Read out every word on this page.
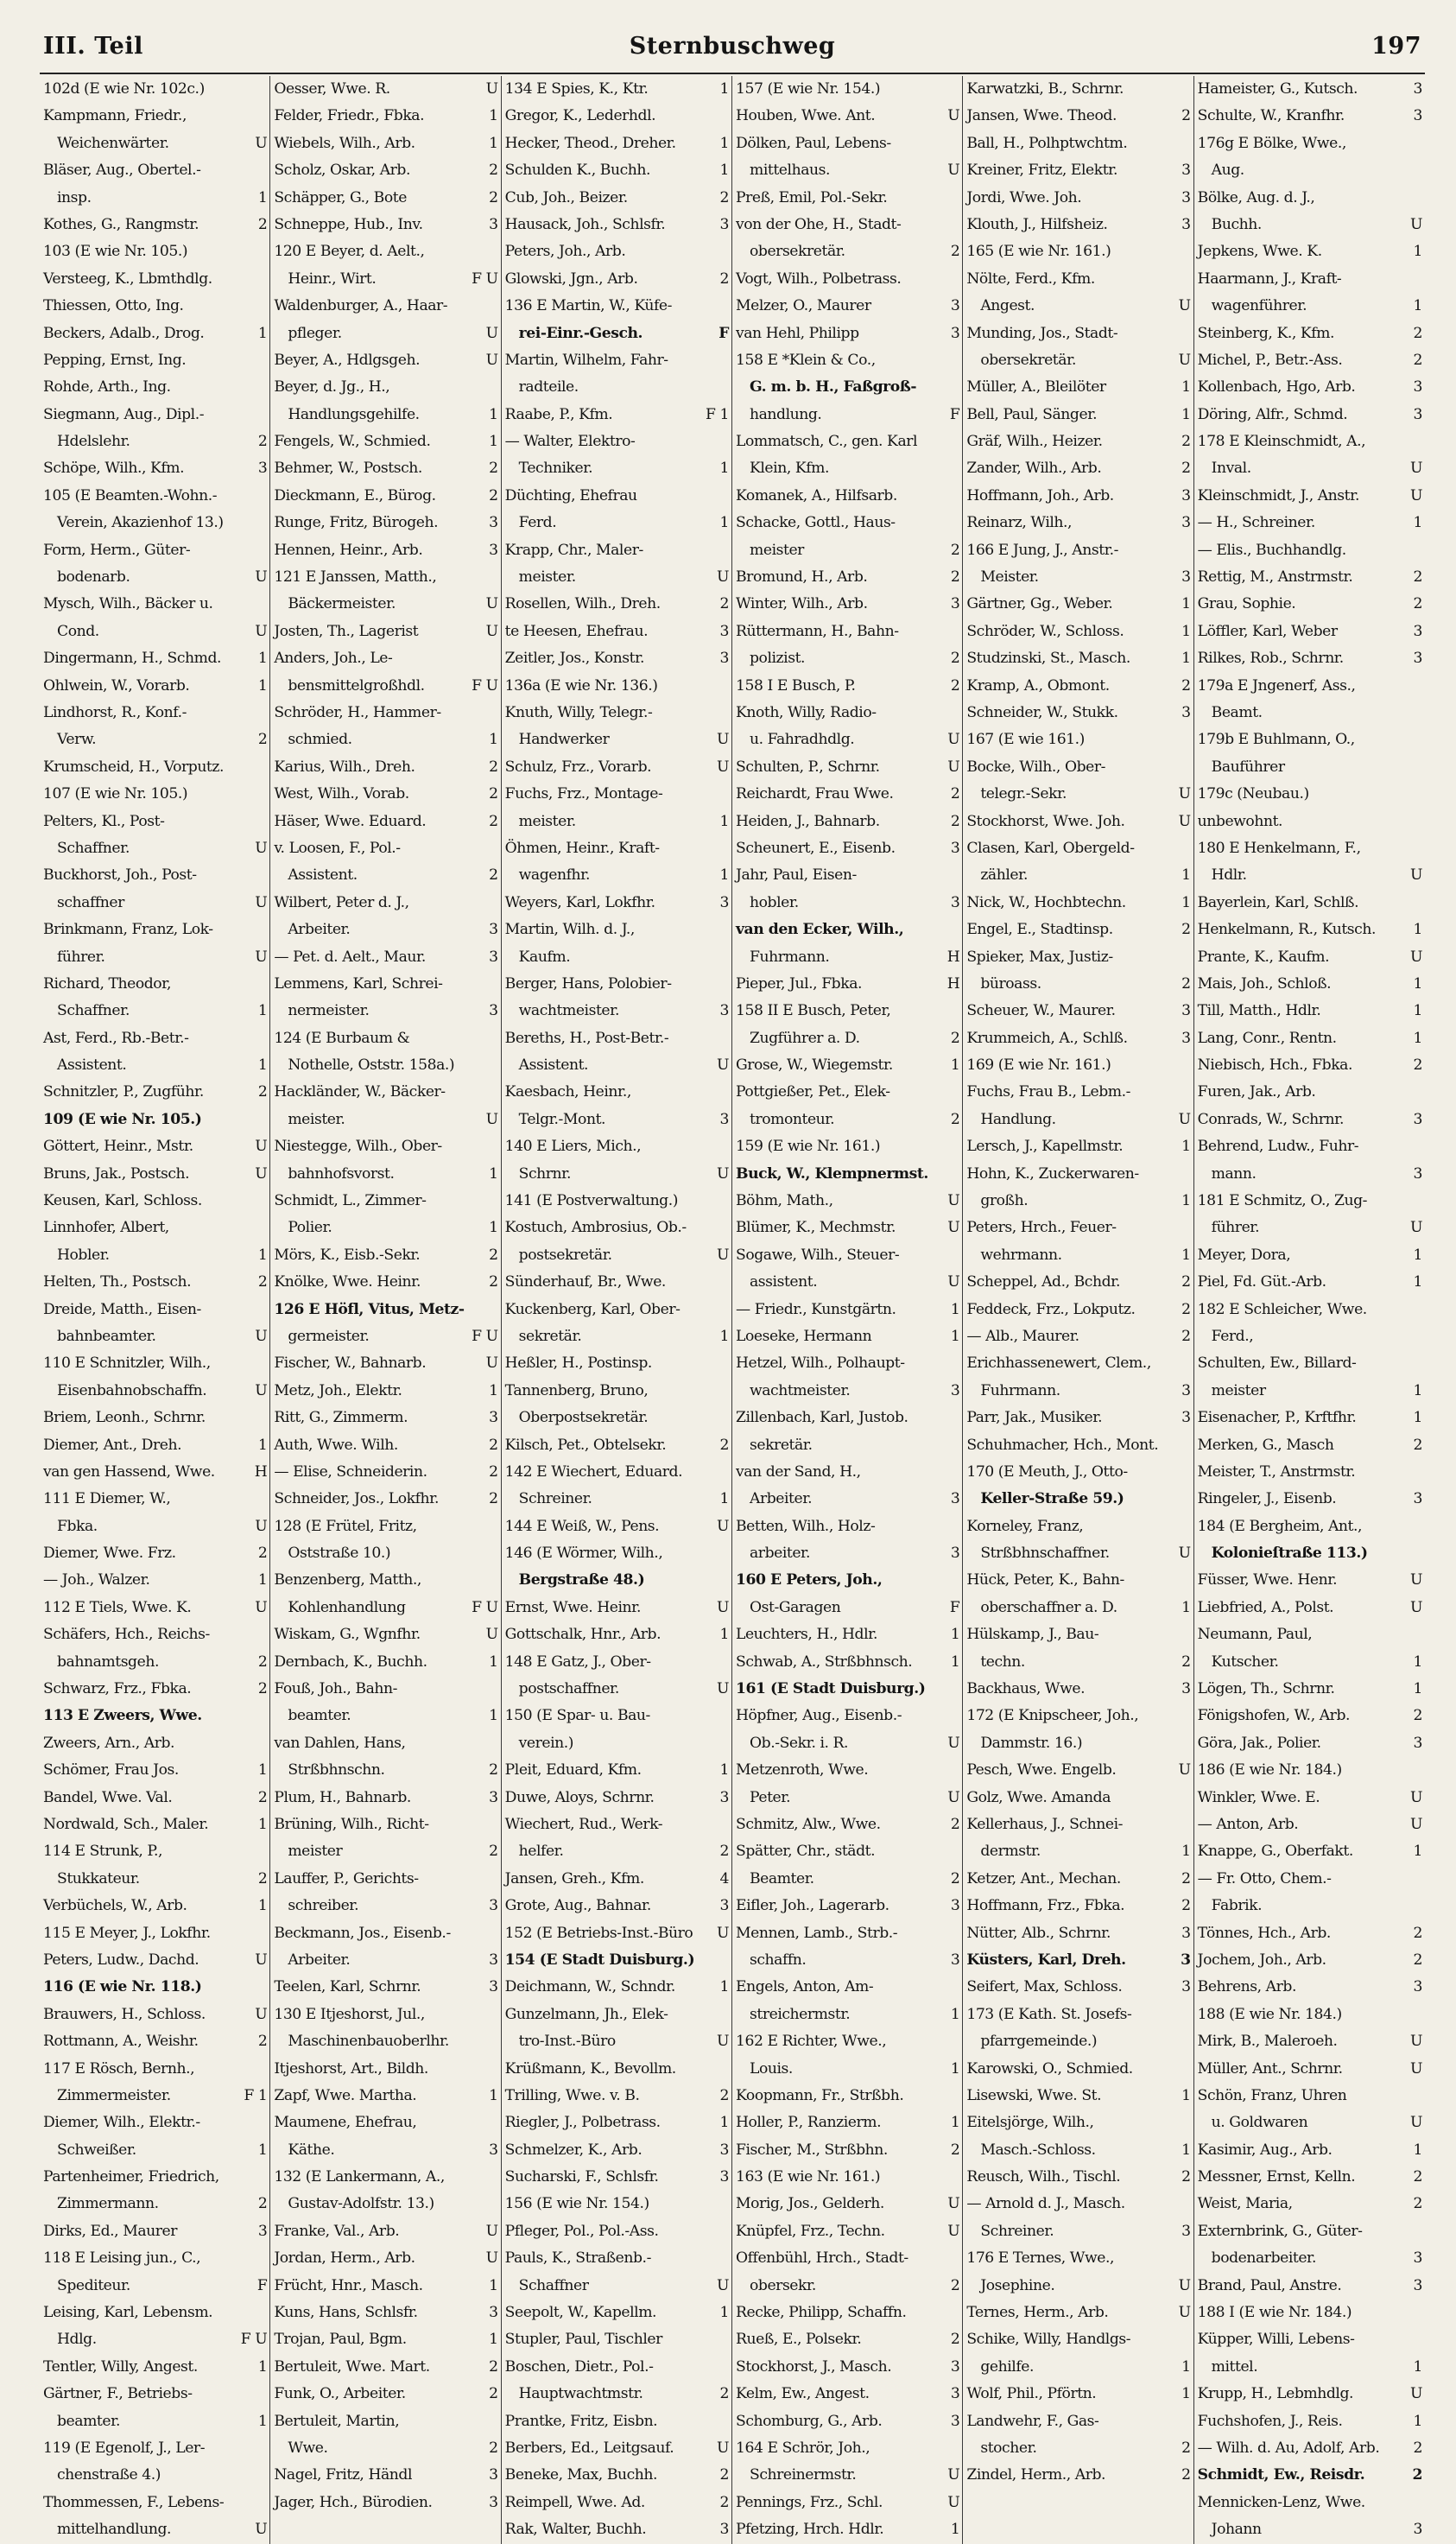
III. Teil	Sternbuschweg	197
102d (E wie Nr. 102c.)
Kampmann, Friedr.,
Weichenwärter.	U
Bläser, Aug., Obertel.-
insp.	1
Kothes, G., Rangmstr.	2
103 (E wie Nr. 105.)
Versteeg, K., Lbmthdlg.
Thiessen, Otto, Ing.
Beckers, Adalb., Drog.	1
Pepping, Ernst, Ing.
Rohde, Arth., Ing.
Siegmann, Aug., Dipl.-
Hdelslehr.	2
Schöpe, Wilh., Kfm.	3
105 (E Beamten.-Wohn.-
Verein, Akazienhof 13.)
Form, Herm., Güter-
bodenarb.	U
Mysch, Wilh., Bäcker u.
Cond.	U
Dingermann, H., Schmd. 1
Ohlwein, W., Vorarb.	1
Lindhorst, R., Konf.-
Verw.	2
Krumscheid, H., Vorputz.
107 (E wie Nr. 105.)
Pelters, Kl., Post-
Schaffner.	U
Buckhorst, Joh., Post-
schaffner	U
Brinkmann, Franz, Lok-
führer.	U
Richard, Theodor,
Schaffner.	1
Ast, Ferd., Rb.-Betr.-
Assistent.	1
Schnitzler, P., Zugführ.	2
109 (E wie Nr. 105.)
Göttert, Heinr., Mstr.	U
Bruns, Jak., Postsch.	U
Keusen, Karl, Schloss.
Linnhofer, Albert,
Hobler.	1
Helten, Th., Postsch.	2
Dreide, Matth., Eisen-
bahnbeamter.	U
110 E Schnitzler, Wilh.,
Eisenbahnobschaffn.	U
Briem, Leonh., Schrnr.
Diemer, Ant., Dreh.	1
van gen Hassend, Wwe.	H
111 E Diemer, W.,
Fbka.	U
Diemer, Wwe. Frz.	2
— Joh., Walzer.	1
112 E Tiels, Wwe. K.	U
Schäfers, Hch., Reichs-
bahnamtsgeh.	2
Schwarz, Frz., Fbka.	2
113 E Zweers, Wwe.
Zweers, Arn., Arb.
Schömer, Frau Jos.	1
Bandel, Wwe. Val.	2
Nordwald, Sch., Maler.	1
114 E Strunk, P.,
Stukkateur.	2
Verbüchels, W., Arb.	1
115 E Meyer, J., Lokfhr.
Peters, Ludw., Dachd.	U
116 (E wie Nr. 118.)
Brauwers, H., Schloss.	U
Rottmann, A., Weishr.	2
117 E Rösch, Bernh.,
Zimmermeister.	F 1
Diemer, Wilh., Elektr.-
Schweißer.	1
Partenheimer, Friedrich,
Zimmermann.	2
Dirks, Ed., Maurer	3
118 E Leising jun., C.,
Spediteur.	F
Leising, Karl, Lebensm.
Hdlg.	F U
Tentler, Willy, Angest.	1
Gärtner, F., Betriebs-
beamter.	1
119 (E Egenolf, J., Ler-
chenstraße 4.)
Thommessen, F., Lebens-
mittelhandlung.	U
Oesser, Wwe. R.	U
Felder, Friedr., Fbka.	1
Wiebels, Wilh., Arb.	1
Scholz, Oskar, Arb.	2
Schäpper, G., Bote	2
Schneppe, Hub., Inv.	3
120 E Beyer, d. Aelt.,
Heinr., Wirt.	F U
Waldenburger, A., Haar-
pfleger.	U
Beyer, A., Hdlgsgeh.	U
Beyer, d. Jg., H.,
Handlungsgehilfe.	1
Fengels, W., Schmied.	1
Behmer, W., Postsch.	2
Dieckmann, E., Bürog.	2
Runge, Fritz, Bürogeh.	3
Hennen, Heinr., Arb.	3
121 E Janssen, Matth.,
Bäckermeister.	U
Josten, Th., Lagerist	U
Anders, Joh., Le-
bensmittelgroßhdl.	F U
Schröder, H., Hammer-
schmied.	1
Karius, Wilh., Dreh.	2
West, Wilh., Vorab.	2
Häser, Wwe. Eduard.	2
v. Loosen, F., Pol.-
Assistent.	2
Wilbert, Peter d. J.,
Arbeiter.	3
— Pet. d. Aelt., Maur.	3
Lemmens, Karl, Schrei-
nermeister.	3
124 (E Burbaum &
Nothelle, Oststr. 158a.)
Hackländer, W., Bäcker-
meister.	U
Niestegge, Wilh., Ober-
bahnhofsvorst.	1
Schmidt, L., Zimmer-
Polier.	1
Mörs, K., Eisb.-Sekr.	2
Knölke, Wwe. Heinr.	2
126 E Höfl, Vitus, Metz-
germeister.	F U
Fischer, W., Bahnarb.	U
Metz, Joh., Elektr.	1
Ritt, G., Zimmerm.	3
Auth, Wwe. Wilh.	2
— Elise, Schneiderin.	2
Schneider, Jos., Lokfhr.	2
128 (E Frütel, Fritz,
Oststraße 10.)
Benzenberg, Matth.,
Kohlenhandlung	F U
Wiskam, G., Wgnfhr.	U
Dernbach, K., Buchh.	1
Fouß, Joh., Bahn-
beamter.	1
van Dahlen, Hans,
Strßbhnschn.	2
Plum, H., Bahnarb.	3
Brüning, Wilh., Richt-
meister	2
Lauffer, P., Gerichts-
schreiber.	3
Beckmann, Jos., Eisenb.-
Arbeiter.	3
Teelen, Karl, Schrnr.	3
130 E Itjeshorst, Jul.,
Maschinenbauoberlhr.
Itjeshorst, Art., Bildh.
Zapf, Wwe. Martha.	1
Maumene, Ehefrau,
Käthe.	3
132 (E Lankermann, A.,
Gustav-Adolfstr. 13.)
Franke, Val., Arb.	U
Jordan, Herm., Arb.	U
Frücht, Hnr., Masch.	1
Kuns, Hans, Schlsfr.	3
Trojan, Paul, Bgm.	1
Bertuleit, Wwe. Mart.	2
Funk, O., Arbeiter.	2
Bertuleit, Martin,
Wwe.	2
Nagel, Fritz, Händl	3
Jager, Hch., Bürodien.	3
134 E Spies, K., Ktr.	1
Gregor, K., Lederhdl.
Hecker, Theod., Dreher.	1
Schulden K., Buchh.	1
Cub, Joh., Beizer.	2
Hausack, Joh., Schlsfr.	3
Peters, Joh., Arb.
Glowski, Jgn., Arb.	2
136 E Martin, W., Küfe-
rei-Einr.-Gesch.	F
Martin, Wilhelm, Fahr-
radteile.
Raabe, P., Kfm.	F 1
— Walter, Elektro-
Techniker.	1
Düchting, Ehefrau
Ferd.	1
Krapp, Chr., Maler-
meister.	U
Rosellen, Wilh., Dreh.	2
te Heesen, Ehefrau.	3
Zeitler, Jos., Konstr.	3
136a (E wie Nr. 136.)
Knuth, Willy, Telegr.-
Handwerker	U
Schulz, Frz., Vorarb.	U
Fuchs, Frz., Montage-
meister.	1
Öhmen, Heinr., Kraft-
wagenfhr.	1
Weyers, Karl, Lokfhr.	3
Martin, Wilh. d. J.,
Kaufm.
Berger, Hans, Polobier-
wachtmeister.	3
Bereths, H., Post-Betr.-
Assistent.	U
Kaesbach, Heinr.,
Telgr.-Mont.	3
140 E Liers, Mich.,
Schrnr.	U
141 (E Postverwaltung.)
Kostuch, Ambrosius, Ob.-
postsekretär.	U
Sünderhauf, Br., Wwe.
Kuckenberg, Karl, Ober-
sekretär.	1
Heßler, H., Postinsp.
Tannenberg, Bruno,
Oberpostsekretär.
Kilsch, Pet., Obtelsekr.	2
142 E Wiechert, Eduard.
Schreiner.	1
144 E Weiß, W., Pens.	U
146 (E Wörmer, Wilh.,
Bergstraße 48.)
Ernst, Wwe. Heinr.	U
Gottschalk, Hnr., Arb.	1
148 E Gatz, J., Ober-
postschaffner.	U
150 (E Spar- u. Bau-
verein.)
Pleit, Eduard, Kfm.	1
Duwe, Aloys, Schrnr.	3
Wiechert, Rud., Werk-
helfer.	2
Jansen, Greh., Kfm.	4
Grote, Aug., Bahnar.	3
152 (E Betriebs-Inst.-Büro U
154 (E Stadt Duisburg.)
Deichmann, W., Schndr.	1
Gunzelmann, Jh., Elek-
tro-Inst.-Büro	U
Krüßmann, K., Bevollm.
Trilling, Wwe. v. B.	2
Riegler, J., Polbetrass.	1
Schmelzer, K., Arb.	3
Sucharski, F., Schlsfr.	3
156 (E wie Nr. 154.)
Pfleger, Pol., Pol.-Ass.
Pauls, K., Straßenb.-
Schaffner	U
Seepolt, W., Kapellm.	1
Stupler, Paul, Tischler
Boschen, Dietr., Pol.-
Hauptwachtmstr.	2
Prantke, Fritz, Eisbn.
Berbers, Ed., Leitgsauf.	U
Beneke, Max, Buchh.	2
Reimpell, Wwe. Ad.	2
Rak, Walter, Buchh.	3
157 (E wie Nr. 154.)
Houben, Wwe. Ant.	U
Dölken, Paul, Lebens-
mittelhaus.	U
Preß, Emil, Pol.-Sekr.
von der Ohe, H., Stadt-
obersekretär.	2
Vogt, Wilh., Polbetrass.
Melzer, O., Maurer	3
van Hehl, Philipp	3
158 E *Klein & Co.,
G. m. b. H., Faßgroß-
handlung.	F
Lommatsch, C., gen. Karl
Klein, Kfm.
Komanek, A., Hilfsarb.
Schacke, Gottl., Haus-
meister	2
Bromund, H., Arb.	2
Winter, Wilh., Arb.	3
Rüttermann, H., Bahn-
polizist.	2
158 I E Busch, P.	2
Knoth, Willy, Radio-
u. Fahradhdlg.	U
Schulten, P., Schrnr.	U
Reichardt, Frau Wwe.	2
Heiden, J., Bahnarb.	2
Scheunert, E., Eisenb.	3
Jahr, Paul, Eisen-
hobler.	3
van den Ecker, Wilh.,
Fuhrmann.	H
Pieper, Jul., Fbka.	H
158 II E Busch, Peter,
Zugführer a. D.	2
Grose, W., Wiegemstr.	1
Pottgießer, Pet., Elek-
tromonteur.	2
159 (E wie Nr. 161.)
Buck, W., Klempnermst.
Böhm, Math.,	U
Blümer, K., Mechmstr.	U
Sogawe, Wilh., Steuer-
assistent.	U
— Friedr., Kunstgärtn.	1
Loeseke, Hermann	1
Hetzel, Wilh., Polhaupt-
wachtmeister.	3
Zillenbach, Karl, Justob.
sekretär.
van der Sand, H.,
Arbeiter.	3
Betten, Wilh., Holz-
arbeiter.	3
160 E Peters, Joh.,
Ost-Garagen	F
Leuchters, H., Hdlr.	1
Schwab, A., Strßbhnsch.	1
161 (E Stadt Duisburg.)
Höpfner, Aug., Eisenb.-
Ob.-Sekr. i. R.	U
Metzenroth, Wwe.
Peter.	U
Schmitz, Alw., Wwe.	2
Spätter, Chr., städt.
Beamter.	2
Eifler, Joh., Lagerarb.	3
Mennen, Lamb., Strb.-
schaffn.	3
Engels, Anton, Am-
streichermstr.	1
162 E Richter, Wwe.,
Louis.	1
Koopmann, Fr., Strßbh.
Holler, P., Ranzierm.	1
Fischer, M., Strßbhn.	2
163 (E wie Nr. 161.)
Morig, Jos., Gelderh.	U
Knüpfel, Frz., Techn.	U
Offenbühl, Hrch., Stadt-
obersekr.	2
Recke, Philipp, Schaffn.
Rueß, E., Polsekr.	2
Stockhorst, J., Masch.	3
Kelm, Ew., Angest.	3
Schomburg, G., Arb.	3
164 E Schrör, Joh.,
Schreinermstr.	U
Pennings, Frz., Schl.	U
Pfetzing, Hrch. Hdlr.	1
Karwatzki, B., Schrnr.
Jansen, Wwe. Theod.	2
Ball, H., Polhptwchtm.
Kreiner, Fritz, Elektr.	3
Jordi, Wwe. Joh.	3
Klouth, J., Hilfsheiz.	3
165 (E wie Nr. 161.)
Nölte, Ferd., Kfm.
Angest.	U
Munding, Jos., Stadt-
obersekretär.	U
Müller, A., Bleilöter	1
Bell, Paul, Sänger.	1
Gräf, Wilh., Heizer.	2
Zander, Wilh., Arb.	2
Hoffmann, Joh., Arb.	3
Reinarz, Wilh.,	3
166 E Jung, J., Anstr.-
Meister.	3
Gärtner, Gg., Weber.	1
Schröder, W., Schloss.	1
Studzinski, St., Masch.	1
Kramp, A., Obmont.	2
Schneider, W., Stukk.	3
167 (E wie 161.)
Bocke, Wilh., Ober-
telegr.-Sekr.	U
Stockhorst, Wwe. Joh.	U
Clasen, Karl, Obergeld-
zähler.	1
Nick, W., Hochbtechn.	1
Engel, E., Stadtinsp.	2
Spieker, Max, Justiz-
büroass.	2
Scheuer, W., Maurer.	3
Krummeich, A., Schlß.	3
169 (E wie Nr. 161.)
Fuchs, Frau B., Lebm.-
Handlung.	U
Lersch, J., Kapellmstr.	1
Hohn, K., Zuckerwaren-
großh.	1
Peters, Hrch., Feuer-
wehrmann.	1
Scheppel, Ad., Bchdr.	2
Feddeck, Frz., Lokputz.	2
— Alb., Maurer.	2
Erichhassenewert, Clem.,
Fuhrmann.	3
Parr, Jak., Musiker.	3
Schuhmacher, Hch., Mont.
170 (E Meuth, J., Otto-
Keller-Straße 59.)
Korneley, Franz,
Strßbhnschaffner.	U
Hück, Peter, K., Bahn-
oberschaffner a. D.	1
Hülskamp, J., Bau-
techn.	2
Backhaus, Wwe.	3
172 (E Knipscheer, Joh.,
Dammstr. 16.)
Pesch, Wwe. Engelb.	U
Golz, Wwe. Amanda
Kellerhaus, J., Schnei-
dermstr.	1
Ketzer, Ant., Mechan.	2
Hoffmann, Frz., Fbka.	2
Nütter, Alb., Schrnr.	3
Küsters, Karl, Dreh.	3
Seifert, Max, Schloss.	3
173 (E Kath. St. Josefs-
pfarrgemeinde.)
Karowski, O., Schmied.
Lisewski, Wwe. St.	1
Eitelsjörge, Wilh.,
Masch.-Schloss.	1
Reusch, Wilh., Tischl.	2
— Arnold d. J., Masch.
Schreiner.	3
176 E Ternes, Wwe.,
Josephine.	U
Ternes, Herm., Arb.	U
Schike, Willy, Handlgs-
gehilfe.	1
Wolf, Phil., Pförtn.	1
Landwehr, F., Gas-
stocher.	2
Zindel, Herm., Arb.	2
Hameister, G., Kutsch.	3
Schulte, W., Kranfhr.	3
176g E Bölke, Wwe.,
Aug.
Bölke, Aug. d. J.,
Buchh.	U
Jepkens, Wwe. K.	1
Haarmann, J., Kraft-
wagenführer.	1
Steinberg, K., Kfm.	2
Michel, P., Betr.-Ass.	2
Kollenbach, Hgo, Arb.	3
Döring, Alfr., Schmd.	3
178 E Kleinschmidt, A.,
Inval.	U
Kleinschmidt, J., Anstr.	U
— H., Schreiner.	1
— Elis., Buchhandlg.
Rettig, M., Anstrmstr.	2
Grau, Sophie.	2
Löffler, Karl, Weber	3
Rilkes, Rob., Schrnr.	3
179a E Jngenerf, Ass.,
Beamt.
179b E Buhlmann, O.,
Bauführer
179c (Neubau.)
unbewohnt.
180 E Henkelmann, F.,
Hdlr.	U
Bayerlein, Karl, Schlß.
Henkelmann, R., Kutsch.	1
Prante, K., Kaufm.	U
Mais, Joh., Schloß.	1
Till, Matth., Hdlr.	1
Lang, Conr., Rentn.	1
Niebisch, Hch., Fbka.	2
Furen, Jak., Arb.
Conrads, W., Schrnr.	3
Behrend, Ludw., Fuhr-
mann.	3
181 E Schmitz, O., Zug-
führer.	U
Meyer, Dora,	1
Piel, Fd. Güt.-Arb.	1
182 E Schleicher, Wwe.
Ferd.,
Schulten, Ew., Billard-
meister	1
Eisenacher, P., Krftfhr.	1
Merken, G., Masch	2
Meister, T., Anstrmstr.
Ringeler, J., Eisenb.	3
184 (E Bergheim, Ant.,
Kolonieſtraße 113.)
Füsser, Wwe. Henr.	U
Liebfried, A., Polst.	U
Neumann, Paul,
Kutscher.	1
Lögen, Th., Schrnr.	1
Fönigshofen, W., Arb.	2
Göra, Jak., Polier.	3
186 (E wie Nr. 184.)
Winkler, Wwe. E.	U
— Anton, Arb.	U
Knappe, G., Oberfakt.	1
— Fr. Otto, Chem.-
Fabrik.
Tönnes, Hch., Arb.	2
Jochem, Joh., Arb.	2
Behrens, Arb.	3
188 (E wie Nr. 184.)
Mirk, B., Maleroeh.	U
Müller, Ant., Schrnr.	U
Schön, Franz, Uhren
u. Goldwaren	U
Kasimir, Aug., Arb.	1
Messner, Ernst, Kelln.	2
Weist, Maria,	2
Externbrink, G., Güter-
bodenarbeiter.	3
Brand, Paul, Anstre.	3
188 I (E wie Nr. 184.)
Küpper, Willi, Lebens-
mittel.	1
Krupp, H., Lebmhdlg.	U
Fuchshofen, J., Reis.	1
— Wilh. d. Au, Adolf, Arb. 2
Schmidt, Ew., Reisdr.	2
Mennicken-Lenz, Wwe.
Johann	3
